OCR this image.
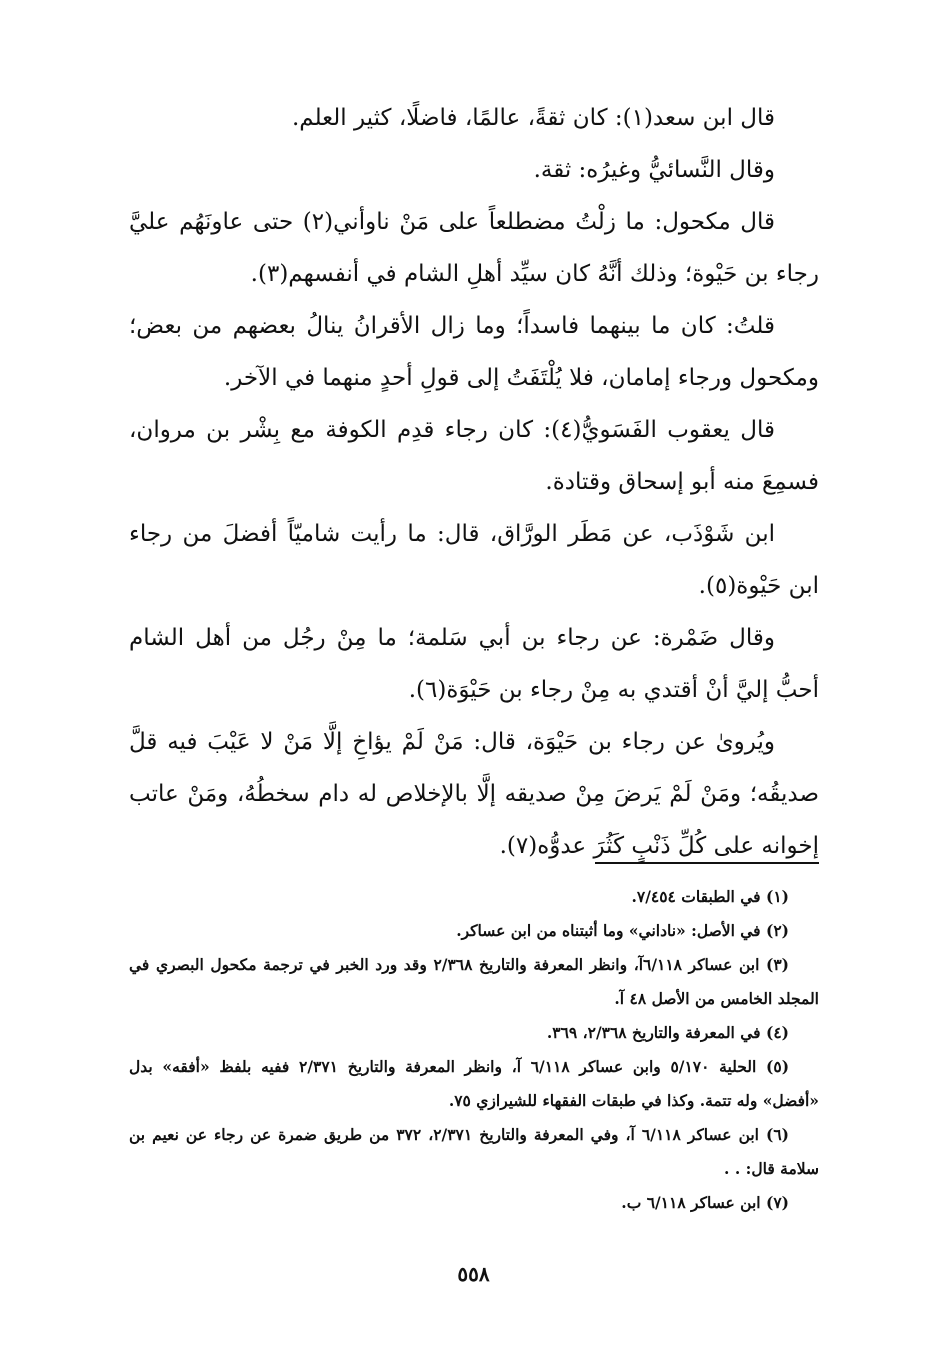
قال ابن سعد(١): كان ثقةً، عالمًا، فاضلًا، كثير العلم.

وقال النَّسائيُّ وغيرُه: ثقة.

قال مكحول: ما زلْتُ مضطلعاً على مَنْ ناوأني(٢) حتى عاونَهُم عليَّ رجاء بن حَيْوة؛ وذلك أنَّهُ كان سيِّد أهلِ الشام في أنفسهم(٣).

قلتُ: كان ما بينهما فاسداً؛ وما زال الأقرانُ ينالُ بعضهم من بعض؛ ومكحول ورجاء إمامان، فلا يُلْتَفَتُ إلى قولِ أحدٍ منهما في الآخر.

قال يعقوب الفَسَويُّ(٤): كان رجاء قدِم الكوفة مع بِشْر بن مروان، فسمِعَ منه أبو إسحاق وقتادة.

ابن شَوْذَب، عن مَطَر الورَّاق، قال: ما رأيت شاميّاً أفضلَ من رجاء ابن حَيْوة(٥).

وقال ضَمْرة: عن رجاء بن أبي سَلمة؛ ما مِنْ رجُل من أهل الشام أحبُّ إليَّ أنْ أقتدي به مِنْ رجاء بن حَيْوَة(٦).

ويُروىٰ عن رجاء بن حَيْوَة، قال: مَنْ لَمْ يؤاخِ إلَّا مَنْ لا عَيْبَ فيه قلَّ صديقُه؛ ومَنْ لَمْ يَرضَ مِنْ صديقه إلَّا بالإخلاص له دام سخطُهُ، ومَنْ عاتب إخوانه على كُلِّ ذَنْبٍ كَثُرَ عدوُّه(٧).

(١) في الطبقات ٧/٤٥٤.

(٢) في الأصل: «ناداني» وما أثبتناه من ابن عساكر.

(٣) ابن عساكر ٦/١١٨آ، وانظر المعرفة والتاريخ ٢/٣٦٨ وقد ورد الخبر في ترجمة مكحول البصري في المجلد الخامس من الأصل ٤٨ آ.

(٤) في المعرفة والتاريخ ٢/٣٦٨، ٣٦٩.

(٥) الحلية ٥/١٧٠ وابن عساكر ٦/١١٨ آ، وانظر المعرفة والتاريخ ٢/٣٧١ ففيه بلفظ «أفقه» بدل «أفضل» وله تتمة. وكذا في طبقات الفقهاء للشيرازي ٧٥.

(٦) ابن عساكر ٦/١١٨ آ، وفي المعرفة والتاريخ ٢/٣٧١، ٣٧٢ من طريق ضمرة عن رجاء عن نعيم بن سلامة قال: . .

(٧) ابن عساكر ٦/١١٨ ب.

٥٥٨
